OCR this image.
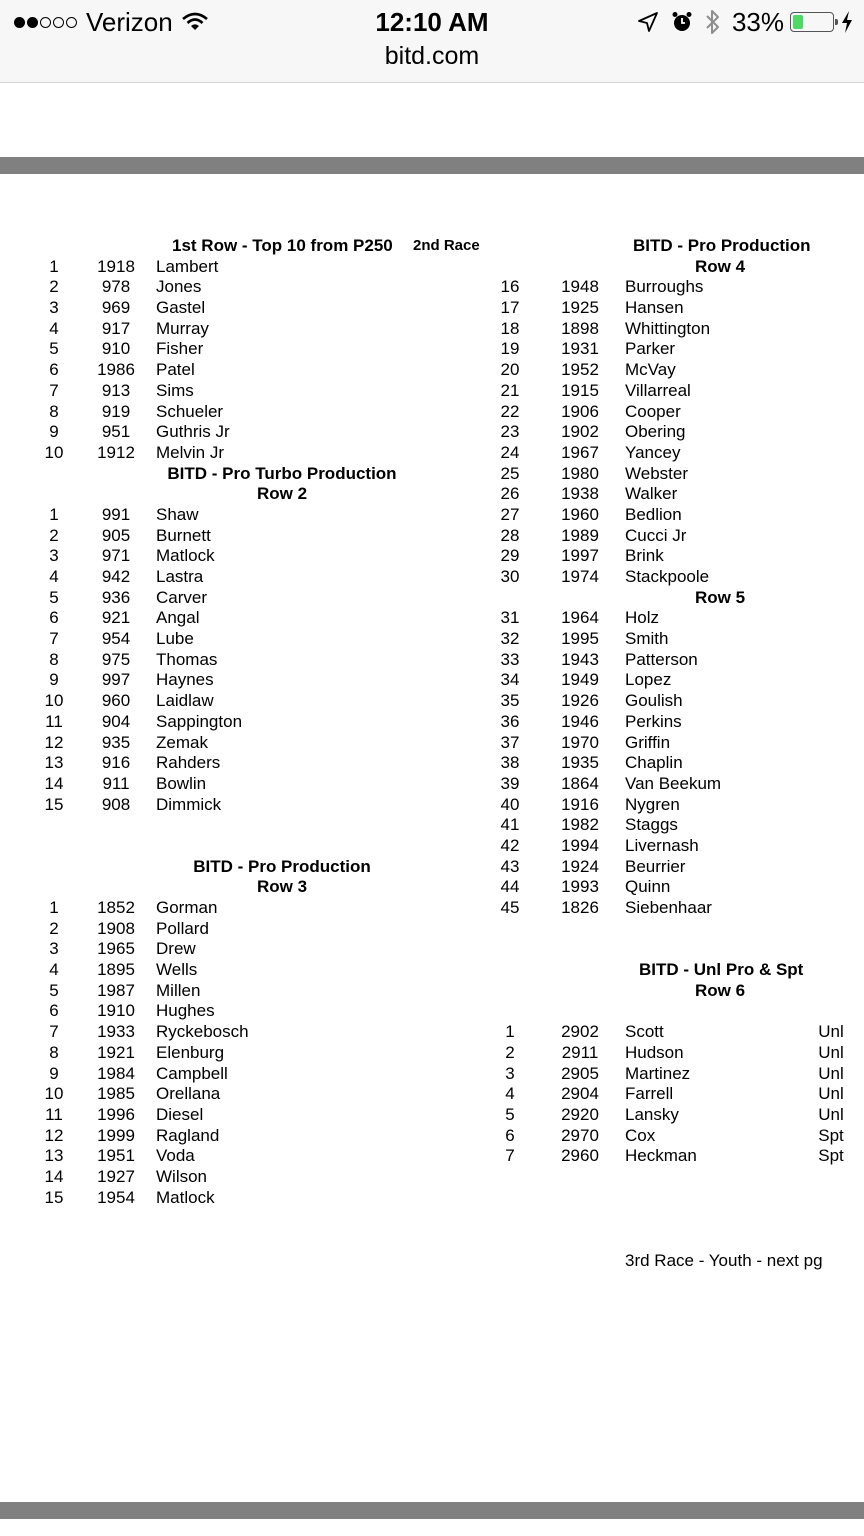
Verizon	12:10 AM
bitd.com
33%
1st Row - Top 10 from P250 2nd Race
1	1918 Lambert
2	978	Jones
3	969	Gastel
4	917	Murray
5	910	Fisher
6	1986 Patel
7	913	Sims
8	919	Schueler
9	951	Guthris Jr
10	1912 Melvin Jr
BITD - Pro Turbo Production
Row 2
1	991	Shaw
2	905	Burnett
3	971	Matlock
4	942	Lastra
5	936	Carver
6	921	Angal
7	954	Lube
8	975	Thomas
9	997	Haynes
10	960	Laidlaw
11	904	Sappington
12	935	Zemak
13	916	Rahders
14	911	Bowlin
15	908	Dimmick
BITD - Pro Production
Row 3
1	1852 Gorman
2	1908 Pollard
3	1965 Drew
4	1895 Wells
5	1987 Millen
6	1910 Hughes
7	1933 Ryckebosch
8	1921 Elenburg
9	1984 Campbell
10	1985 Orellana
11	1996 Diesel
12	1999 Ragland
13	1951 Voda
14	1927 Wilson
15	1954 Matlock
BITD - Pro Production
Row 4
16	1948 Burroughs
17	1925 Hansen
18	1898 Whittington
19	1931 Parker
20	1952 McVay
21	1915 Villarreal
22	1906 Cooper
23	1902 Obering
24	1967 Yancey
25	1980 Webster
26	1938 Walker
27	1960 Bedlion
28	1989 Cucci Jr
29	1997 Brink
30	1974 Stackpoole
Row 5
31	1964 Holz
32	1995 Smith
33	1943 Patterson
34	1949 Lopez
35	1926 Goulish
36	1946 Perkins
37	1970 Griffin
38	1935 Chaplin
39	1864 Van Beekum
40	1916 Nygren
41	1982 Staggs
42	1994 Livernash
43	1924 Beurrier
44	1993 Quinn
45	1826 Siebenhaar
BITD - Unl Pro & Spt
Row 6
1	2902 Scott	Unl
2	2911	Hudson	Unl
3	2905 Martinez	Unl
4	2904 Farrell	Unl
5	2920 Lansky	Unl
6	2970 Cox	Spt
7	2960 Heckman	Spt
3rd Race - Youth - next pg
